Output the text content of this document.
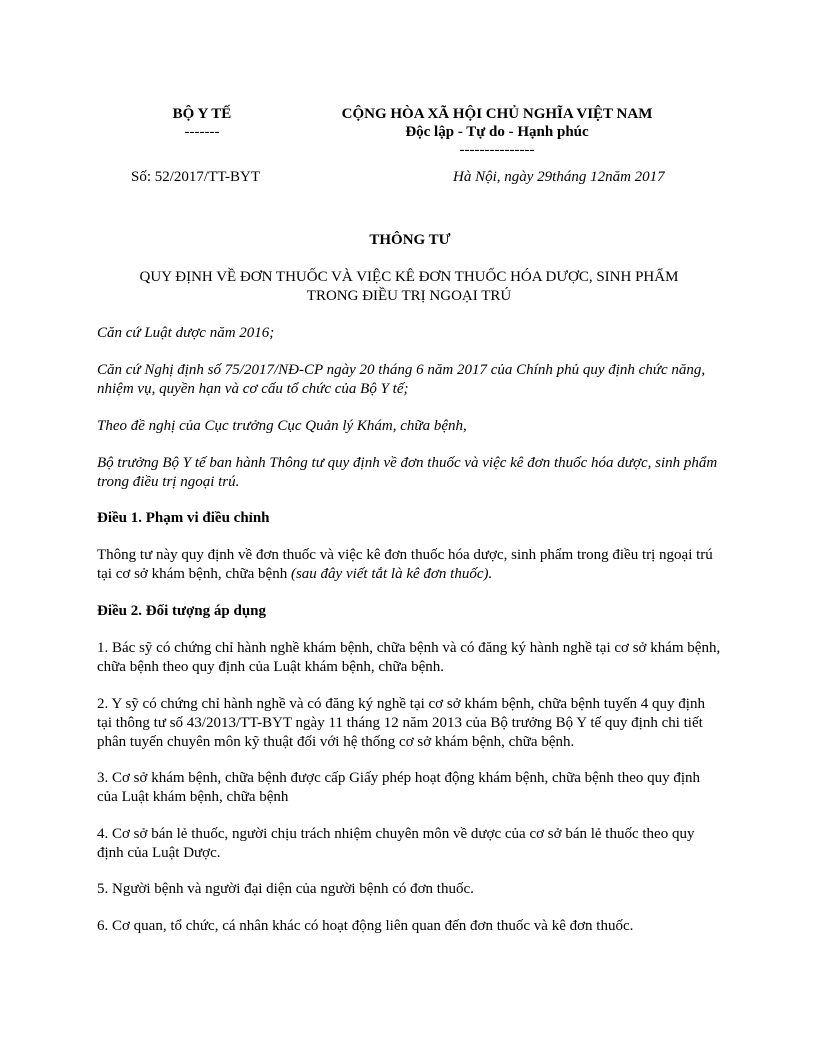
BỘ Y TẾ
-------
CỘNG HÒA XÃ HỘI CHỦ NGHĨA VIỆT NAM
Độc lập - Tự do - Hạnh phúc
---------------
Số: 52/2017/TT-BYT	Hà Nội, ngày 29tháng 12năm 2017
THÔNG TƯ
QUY ĐỊNH VỀ ĐƠN THUỐC VÀ VIỆC KÊ ĐƠN THUỐC HÓA DƯỢC, SINH PHẨM
TRONG ĐIỀU TRỊ NGOẠI TRÚ
Căn cứ Luật dược năm 2016;
Căn cứ Nghị định số 75/2017/NĐ-CP ngày 20 tháng 6 năm 2017 của Chính phủ quy định chức năng, nhiệm vụ, quyền hạn và cơ cấu tổ chức của Bộ Y tế;
Theo đề nghị của Cục trưởng Cục Quản lý Khám, chữa bệnh,
Bộ trưởng Bộ Y tế ban hành Thông tư quy định về đơn thuốc và việc kê đơn thuốc hóa dược, sinh phẩm trong điều trị ngoại trú.
Điều 1. Phạm vi điều chỉnh
Thông tư này quy định về đơn thuốc và việc kê đơn thuốc hóa dược, sinh phẩm trong điều trị ngoại trú tại cơ sở khám bệnh, chữa bệnh (sau đây viết tắt là kê đơn thuốc).
Điều 2. Đối tượng áp dụng
1. Bác sỹ có chứng chỉ hành nghề khám bệnh, chữa bệnh và có đăng ký hành nghề tại cơ sở khám bệnh, chữa bệnh theo quy định của Luật khám bệnh, chữa bệnh.
2. Y sỹ có chứng chỉ hành nghề và có đăng ký nghề tại cơ sở khám bệnh, chữa bệnh tuyến 4 quy định tại thông tư số 43/2013/TT-BYT ngày 11 tháng 12 năm 2013 của Bộ trưởng Bộ Y tế quy định chi tiết phân tuyến chuyên môn kỹ thuật đối với hệ thống cơ sở khám bệnh, chữa bệnh.
3. Cơ sở khám bệnh, chữa bệnh được cấp Giấy phép hoạt động khám bệnh, chữa bệnh theo quy định của Luật khám bệnh, chữa bệnh
4. Cơ sở bán lẻ thuốc, người chịu trách nhiệm chuyên môn về dược của cơ sở bán lẻ thuốc theo quy định của Luật Dược.
5. Người bệnh và người đại diện của người bệnh có đơn thuốc.
6. Cơ quan, tổ chức, cá nhân khác có hoạt động liên quan đến đơn thuốc và kê đơn thuốc.
